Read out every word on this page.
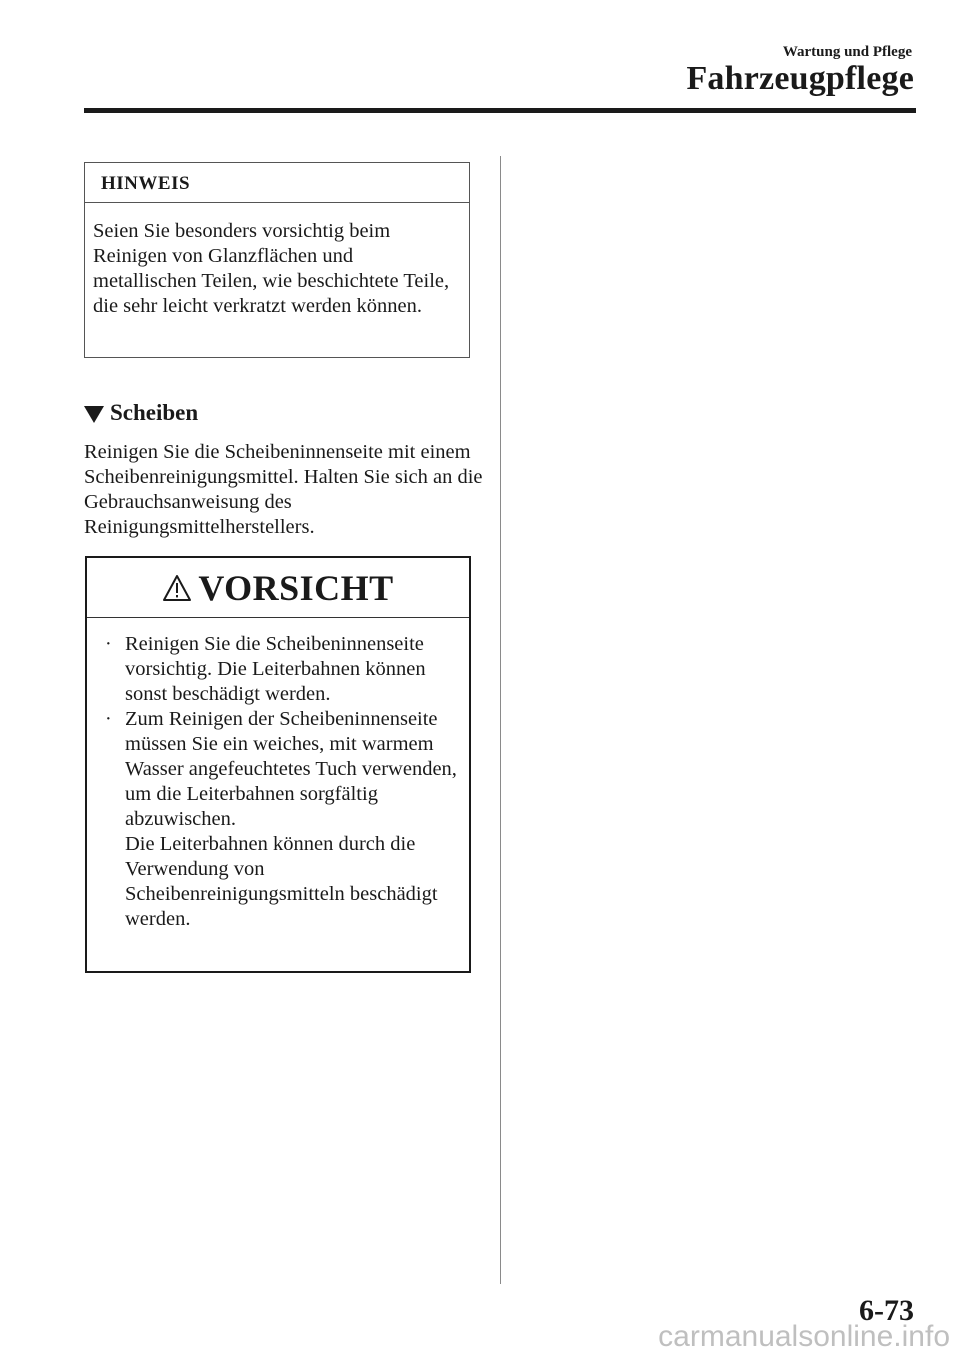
Wartung und Pflege
Fahrzeugpflege
HINWEIS
Seien Sie besonders vorsichtig beim Reinigen von Glanzflächen und metallischen Teilen, wie beschichtete Teile, die sehr leicht verkratzt werden können.
Scheiben
Reinigen Sie die Scheibeninnenseite mit einem Scheibenreinigungsmittel. Halten Sie sich an die Gebrauchsanweisung des Reinigungsmittelherstellers.
VORSICHT
· Reinigen Sie die Scheibeninnenseite vorsichtig. Die Leiterbahnen können sonst beschädigt werden.
· Zum Reinigen der Scheibeninnenseite müssen Sie ein weiches, mit warmem Wasser angefeuchtetes Tuch verwenden, um die Leiterbahnen sorgfältig abzuwischen.
Die Leiterbahnen können durch die Verwendung von Scheibenreinigungsmitteln beschädigt werden.
6-73
carmanualsonline.info
